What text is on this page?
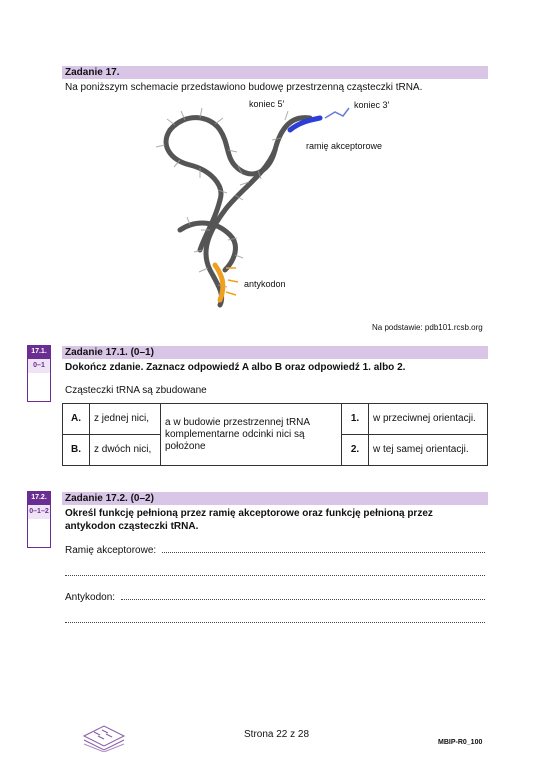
Zadanie 17.
Na poniższym schemacie przedstawiono budowę przestrzenną cząsteczki tRNA.
koniec 5′	koniec 3′
ramię akceptorowe
antykodon
Na podstawie: pdb101.rcsb.org
17.1.
0–1
Zadanie 17.1. (0–1)
Dokończ zdanie. Zaznacz odpowiedź A albo B oraz odpowiedź 1. albo 2.
Cząsteczki tRNA są zbudowane
A.	z jednej nici,	a w budowie przestrzennej tRNA komplementarne odcinki nici są położone	1.	w przeciwnej orientacji.
B.	z dwóch nici,		2.	w tej samej orientacji.
17.2.
0–1–2
Zadanie 17.2. (0–2)
Określ funkcję pełnioną przez ramię akceptorowe oraz funkcję pełnioną przez antykodon cząsteczki tRNA.
Ramię akceptorowe:
Antykodon:
Strona 22 z 28
MBIP-R0_100
